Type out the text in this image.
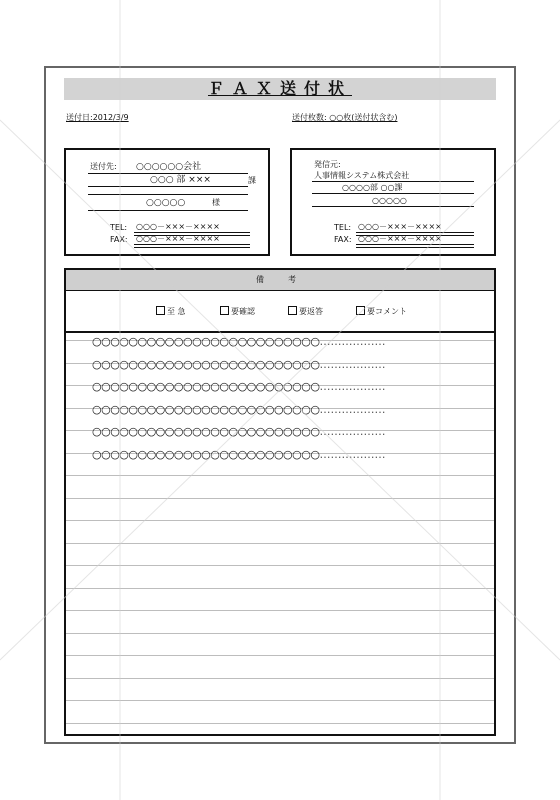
ＦＡＸ送付状
送付日:2012/3/9	送付枚数: ○○枚(送付状含む)
送付先: ○○○○○○会社
○○○ 部 ×××	課
○○○○○	様
TEL: ○○○－×××－××××
FAX: ○○○－×××－××××
発信元:
人事情報システム株式会社
○○○○部 ○○課
○○○○○
TEL: ○○○－×××－××××
FAX: ○○○－×××－××××
備　考
至 急	要確認	要返答	要コメント
○○○○○○○○○○○○○○○○○○○○○○○○○………………
○○○○○○○○○○○○○○○○○○○○○○○○○………………
○○○○○○○○○○○○○○○○○○○○○○○○○………………
○○○○○○○○○○○○○○○○○○○○○○○○○………………
○○○○○○○○○○○○○○○○○○○○○○○○○………………
○○○○○○○○○○○○○○○○○○○○○○○○○………………
